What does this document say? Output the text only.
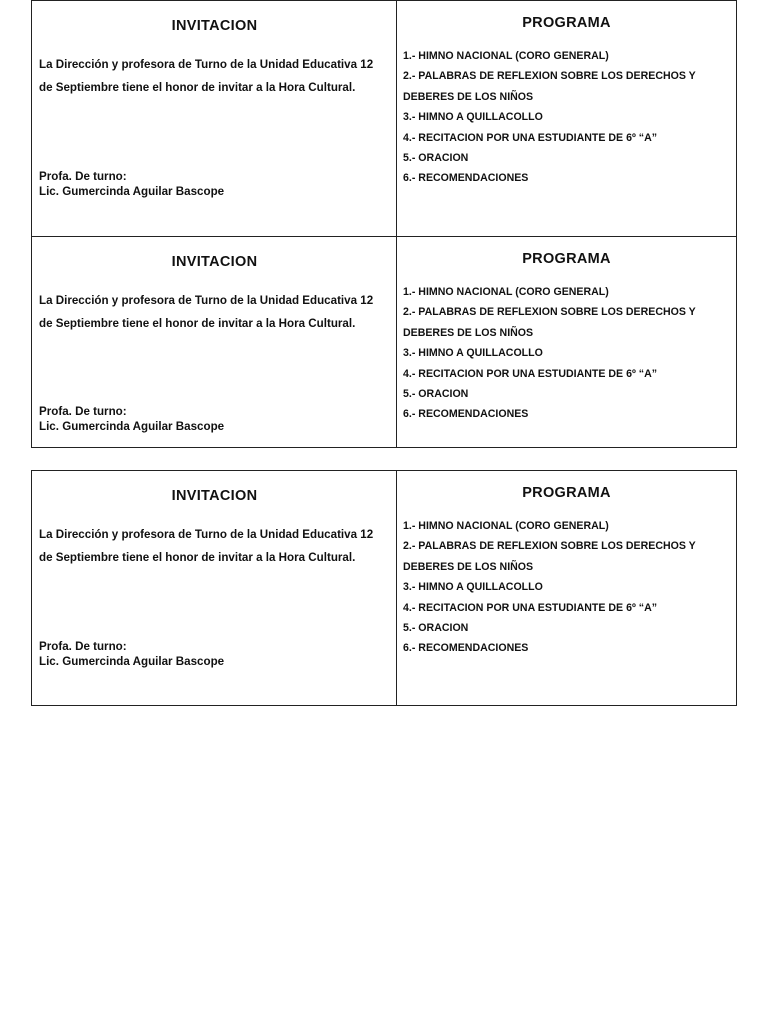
INVITACION
La Dirección y profesora de Turno de la Unidad Educativa 12 de Septiembre tiene el honor de invitar a la Hora Cultural.
Profa. De turno:
Lic. Gumercinda Aguilar Bascope
PROGRAMA
1.- HIMNO NACIONAL (CORO GENERAL)
2.- PALABRAS DE REFLEXION SOBRE LOS DERECHOS Y DEBERES DE LOS NIÑOS
3.- HIMNO A QUILLACOLLO
4.- RECITACION POR UNA ESTUDIANTE DE 6º “A”
5.- ORACION
6.- RECOMENDACIONES
INVITACION
La Dirección y profesora de Turno de la Unidad Educativa 12 de Septiembre tiene el honor de invitar a la Hora Cultural.
Profa. De turno:
Lic. Gumercinda Aguilar Bascope
PROGRAMA
1.- HIMNO NACIONAL (CORO GENERAL)
2.- PALABRAS DE REFLEXION SOBRE LOS DERECHOS Y DEBERES DE LOS NIÑOS
3.- HIMNO A QUILLACOLLO
4.- RECITACION POR UNA ESTUDIANTE DE 6º “A”
5.- ORACION
6.- RECOMENDACIONES
INVITACION
La Dirección y profesora de Turno de la Unidad Educativa 12 de Septiembre tiene el honor de invitar a la Hora Cultural.
Profa. De turno:
Lic. Gumercinda Aguilar Bascope
PROGRAMA
1.- HIMNO NACIONAL (CORO GENERAL)
2.- PALABRAS DE REFLEXION SOBRE LOS DERECHOS Y DEBERES DE LOS NIÑOS
3.- HIMNO A QUILLACOLLO
4.- RECITACION POR UNA ESTUDIANTE DE 6º “A”
5.- ORACION
6.- RECOMENDACIONES
